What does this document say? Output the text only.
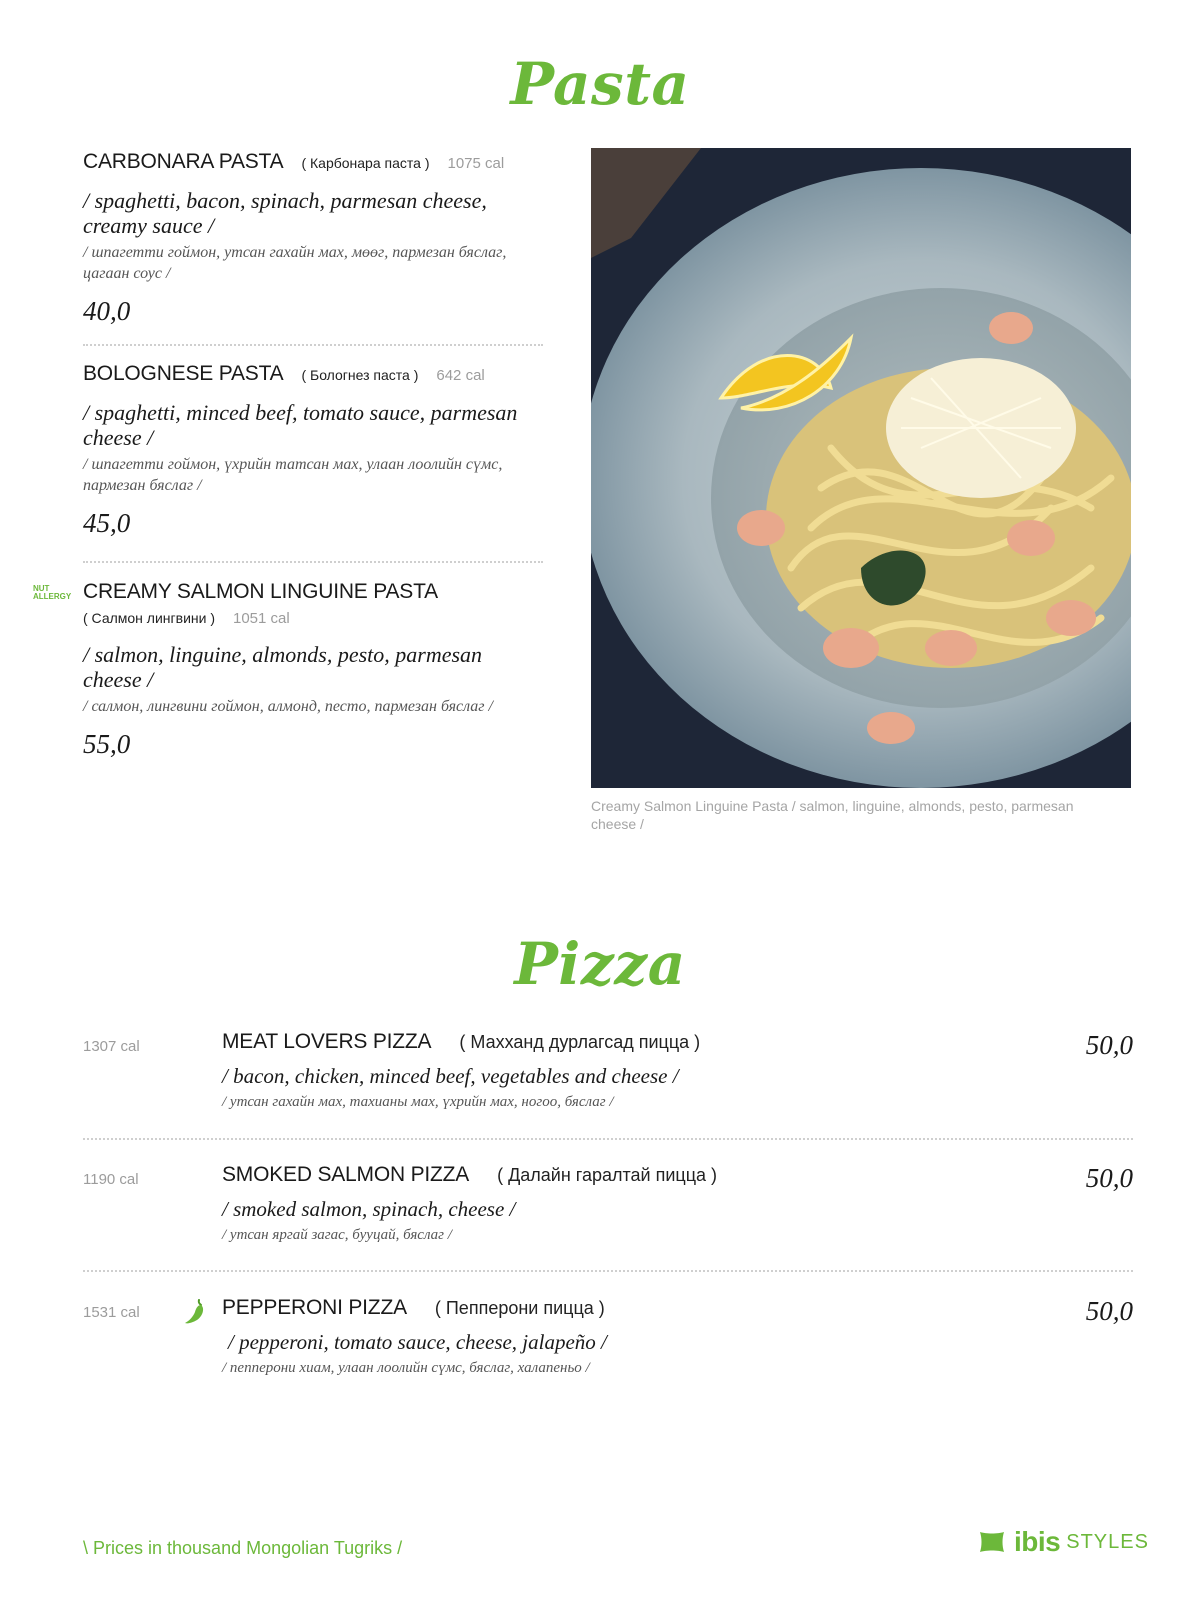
Pasta
CARBONARA PASTA ( Карбонара паста ) 1075 cal
/ spaghetti, bacon, spinach, parmesan cheese, creamy sauce /
/ шпагетти гоймон, утсан гахайн мах, мөөг, пармезан бяслаг, цагаан соус /
40,0
BOLOGNESE PASTA ( Бологнез паста ) 642 cal
/ spaghetti, minced beef, tomato sauce, parmesan cheese /
/ шпагетти гоймон, үхрийн татсан мах, улаан лоолийн сүмс, пармезан бяслаг /
45,0
NUT
ALLERGY CREAMY SALMON LINGUINE PASTA
( Салмон лингвини ) 1051 cal
/ salmon, linguine, almonds, pesto, parmesan cheese /
/ салмон, лингвини гоймон, алмонд, песто, пармезан бяслаг /
55,0
Creamy Salmon Linguine Pasta / salmon, linguine, almonds, pesto, parmesan cheese /
Pizza
1307 cal	MEAT LOVERS PIZZA ( Махханд дурлагсад пицца )
/ bacon, chicken, minced beef, vegetables and cheese /
/ утсан гахайн мах, тахианы мах, үхрийн мах, ногоо, бяслаг /
50,0
1190 cal	SMOKED SALMON PIZZA ( Далайн гаралтай пицца )
/ smoked salmon, spinach, cheese /
/ утсан яргай загас, бууцай, бяслаг /
50,0
1531 cal	PEPPERONI PIZZA ( Пепперони пицца )
/ pepperoni, tomato sauce, cheese, jalapeño /
/ пепперони хиам, улаан лоолийн сүмс, бяслаг, халапеньо /
50,0
\ Prices in thousand Mongolian Tugriks /	ibis STYLES
